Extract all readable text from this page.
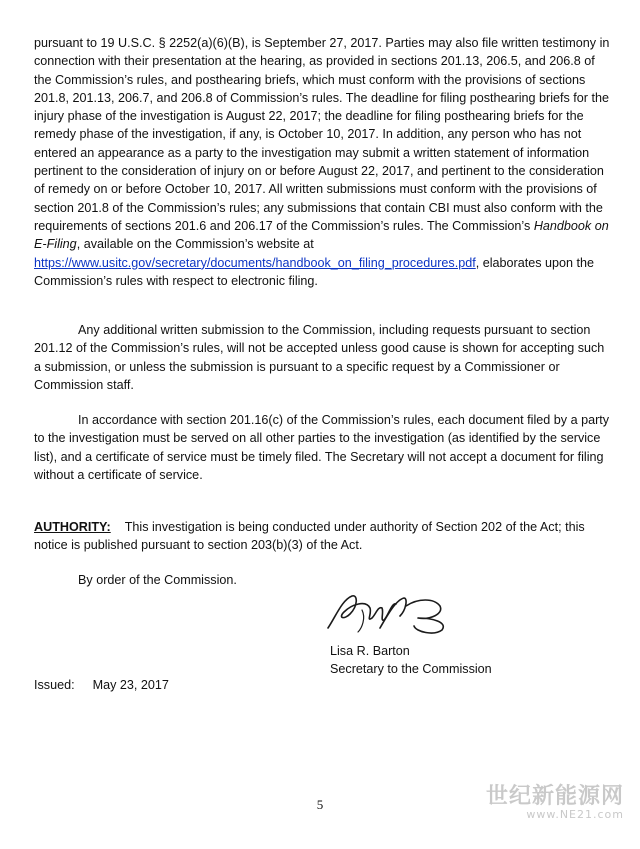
pursuant to 19 U.S.C. § 2252(a)(6)(B), is September 27, 2017. Parties may also file written testimony in connection with their presentation at the hearing, as provided in sections 201.13, 206.5, and 206.8 of the Commission’s rules, and posthearing briefs, which must conform with the provisions of sections 201.8, 201.13, 206.7, and 206.8 of Commission’s rules. The deadline for filing posthearing briefs for the injury phase of the investigation is August 22, 2017; the deadline for filing posthearing briefs for the remedy phase of the investigation, if any, is October 10, 2017. In addition, any person who has not entered an appearance as a party to the investigation may submit a written statement of information pertinent to the consideration of injury on or before August 22, 2017, and pertinent to the consideration of remedy on or before October 10, 2017. All written submissions must conform with the provisions of section 201.8 of the Commission’s rules; any submissions that contain CBI must also conform with the requirements of sections 201.6 and 206.17 of the Commission’s rules. The Commission’s Handbook on E-Filing, available on the Commission’s website at https://www.usitc.gov/secretary/documents/handbook_on_filing_procedures.pdf, elaborates upon the Commission’s rules with respect to electronic filing.

Any additional written submission to the Commission, including requests pursuant to section 201.12 of the Commission’s rules, will not be accepted unless good cause is shown for accepting such a submission, or unless the submission is pursuant to a specific request by a Commissioner or Commission staff.

In accordance with section 201.16(c) of the Commission’s rules, each document filed by a party to the investigation must be served on all other parties to the investigation (as identified by the service list), and a certificate of service must be timely filed. The Secretary will not accept a document for filing without a certificate of service.

AUTHORITY: This investigation is being conducted under authority of Section 202 of the Act; this notice is published pursuant to section 203(b)(3) of the Act.

By order of the Commission.

Lisa R. Barton
Secretary to the Commission
Issued: May 23, 2017
5	世纪新能源网
www.NE21.com
